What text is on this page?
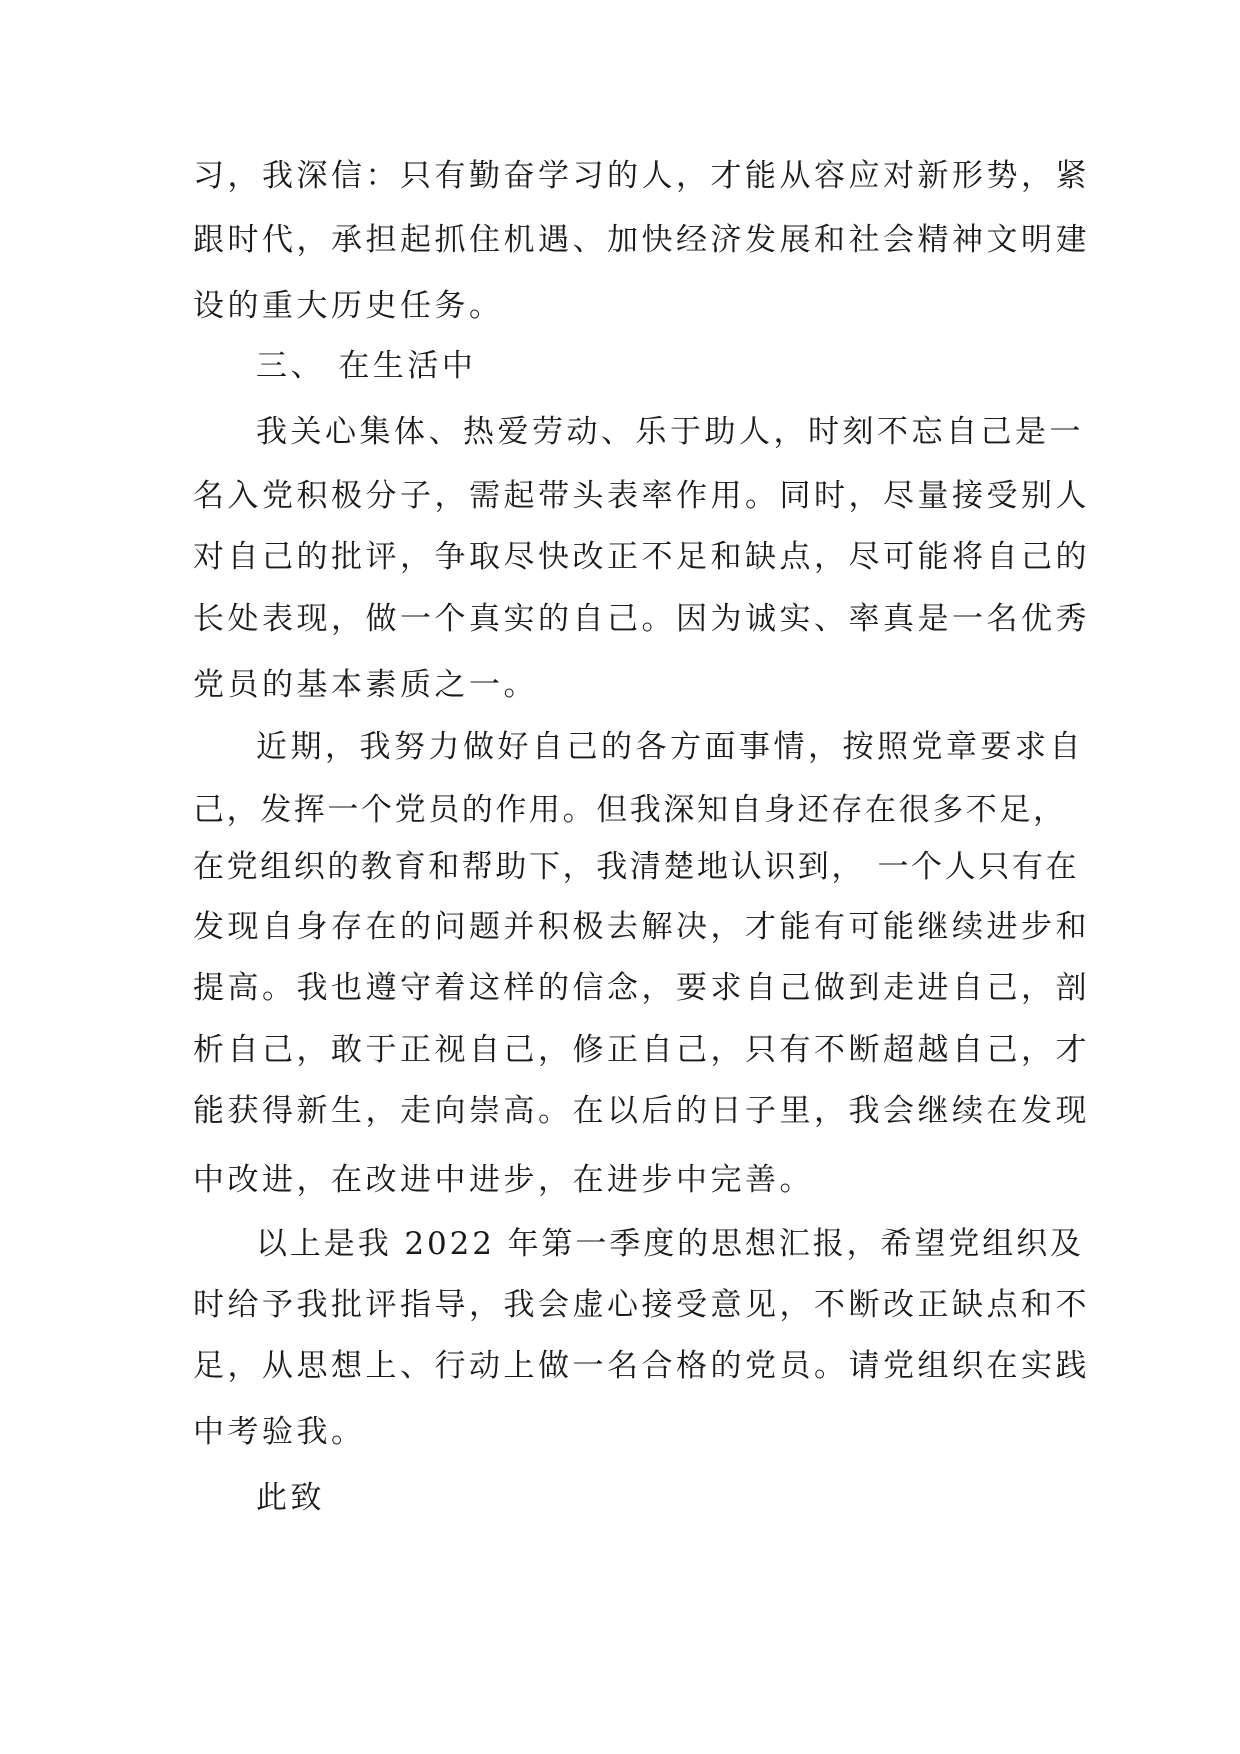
习，我深信：只有勤奋学习的人，才能从容应对新形势，紧
跟时代，承担起抓住机遇、加快经济发展和社会精神文明建
设的重大历史任务。
三、 在生活中
我关心集体、热爱劳动、乐于助人，时刻不忘自己是一
名入党积极分子，需起带头表率作用。同时，尽量接受别人
对自己的批评，争取尽快改正不足和缺点，尽可能将自己的
长处表现，做一个真实的自己。因为诚实、率真是一名优秀
党员的基本素质之一。
近期，我努力做好自己的各方面事情，按照党章要求自
己，发挥一个党员的作用。但我深知自身还存在很多不足，
在党组织的教育和帮助下，我清楚地认识到， 一个人只有在
发现自身存在的问题并积极去解决，才能有可能继续进步和
提高。我也遵守着这样的信念，要求自己做到走进自己，剖
析自己，敢于正视自己，修正自己，只有不断超越自己，才
能获得新生，走向崇高。在以后的日子里，我会继续在发现
中改进，在改进中进步，在进步中完善。
以上是我 2022 年第一季度的思想汇报，希望党组织及
时给予我批评指导，我会虚心接受意见，不断改正缺点和不
足，从思想上、行动上做一名合格的党员。请党组织在实践
中考验我。
此致
